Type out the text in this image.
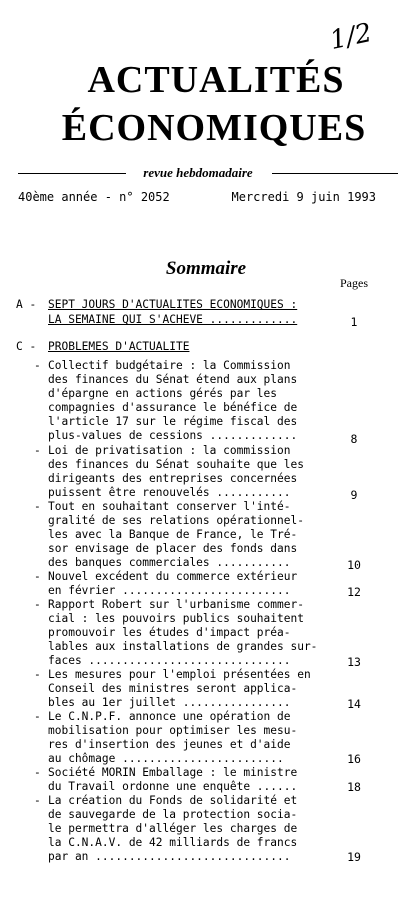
1/2
ACTUALITÉS
ÉCONOMIQUES
revue hebdomadaire
40ème année - n° 2052	Mercredi 9 juin 1993
Sommaire
Pages
A - SEPT JOURS D'ACTUALITES ECONOMIQUES :
LA SEMAINE QUI S'ACHEVE .............	1
C - PROBLEMES D'ACTUALITE
- Collectif budgétaire : la Commission
des finances du Sénat étend aux plans
d'épargne en actions gérés par les
compagnies d'assurance le bénéfice de
l'article 17 sur le régime fiscal des
plus-values de cessions .............	8
- Loi de privatisation : la commission
des finances du Sénat souhaite que les
dirigeants des entreprises concernées
puissent être renouvelés ...........	9
- Tout en souhaitant conserver l'inté-
gralité de ses relations opérationnel-
les avec la Banque de France, le Tré-
sor envisage de placer des fonds dans
des banques commerciales ...........	10
- Nouvel excédent du commerce extérieur
en février .........................	12
- Rapport Robert sur l'urbanisme commer-
cial : les pouvoirs publics souhaitent
promouvoir les études d'impact préa-
lables aux installations de grandes sur-
faces ..............................	13
- Les mesures pour l'emploi présentées en
Conseil des ministres seront applica-
bles au 1er juillet ................	14
- Le C.N.P.F. annonce une opération de
mobilisation pour optimiser les mesu-
res d'insertion des jeunes et d'aide
au chômage ........................	16
- Société MORIN Emballage : le ministre
du Travail ordonne une enquête ......	18
- La création du Fonds de solidarité et
de sauvegarde de la protection socia-
le permettra d'alléger les charges de
la C.N.A.V. de 42 milliards de francs
par an .............................	19
